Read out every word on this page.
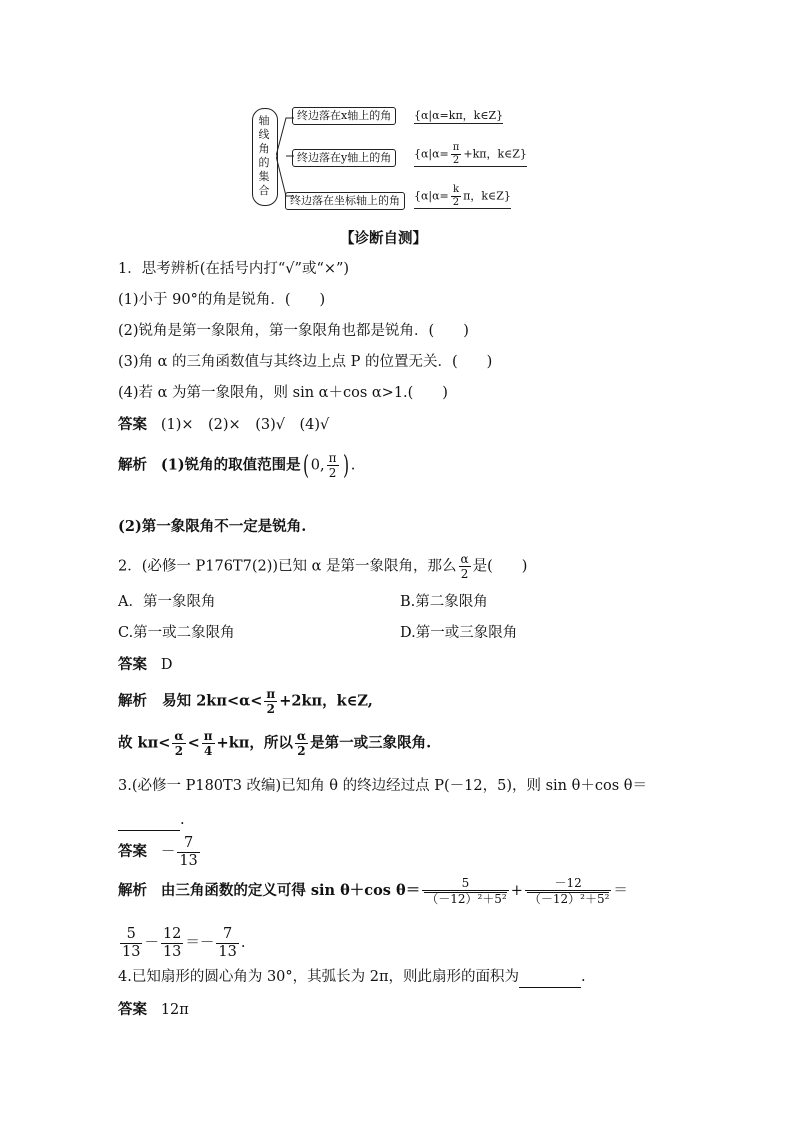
轴
线
角
的
集
合
终边落在x轴上的角	{α|α=kπ，k∈Z}
终边落在y轴上的角	{$\alpha|\alpha= \frac{\pi}{2} +k\pi$，k∈Z}
终边落在坐标轴上的角	{$\alpha|\alpha= \frac{k}{2}$ π，k∈Z}
【诊断自测】
1．思考辨析(在括号内打“√”或“×”)
(1)小于 90°的角是锐角．(　　)
(2)锐角是第一象限角，第一象限角也都是锐角．(　　)
(3)角 α 的三角函数值与其终边上点 P 的位置无关．(　　)
(4)若 α 为第一象限角，则 sin α＋cos α>1.(　　)
答案 (1)×　(2)×　(3)√　(4)√
解析 (1)锐角的取值范围是( 0, $\frac{\pi}{2}$ ) .
(2)第一象限角不一定是锐角.
2．(必修一 P176T7(2))已知 α 是第一象限角，那么 $\frac{\alpha}{2}$ 是(　　)
A．第一象限角	B.第二象限角
C.第一或二象限角	D.第一或三象限角
答案 D
解析 易知 $2k\pi<\alpha< \frac{\pi}{2} +2k\pi$，k∈Z,
故 $k\pi< \frac{\alpha}{2} < \frac{\pi}{4} +k\pi$，所以 $\frac{\alpha}{2}$ 是第一或三象限角.
3.(必修一 P180T3 改编)已知角 θ 的终边经过点 P(－12，5)，则 sin θ＋cos θ＝
.
答案 － $\frac{7}{13}$
解析 由三角函数的定义可得 sin θ＋cos $\theta= \frac{5}{\text{（－12）²＋5²}} + \frac{-12}{\text{（－12）²＋5²}}$ ＝
$\frac{5}{13} - \frac{12}{13} =- \frac{7}{13}$ .
4.已知扇形的圆心角为 30°，其弧长为 2π，则此扇形的面积为	.
答案 12π
